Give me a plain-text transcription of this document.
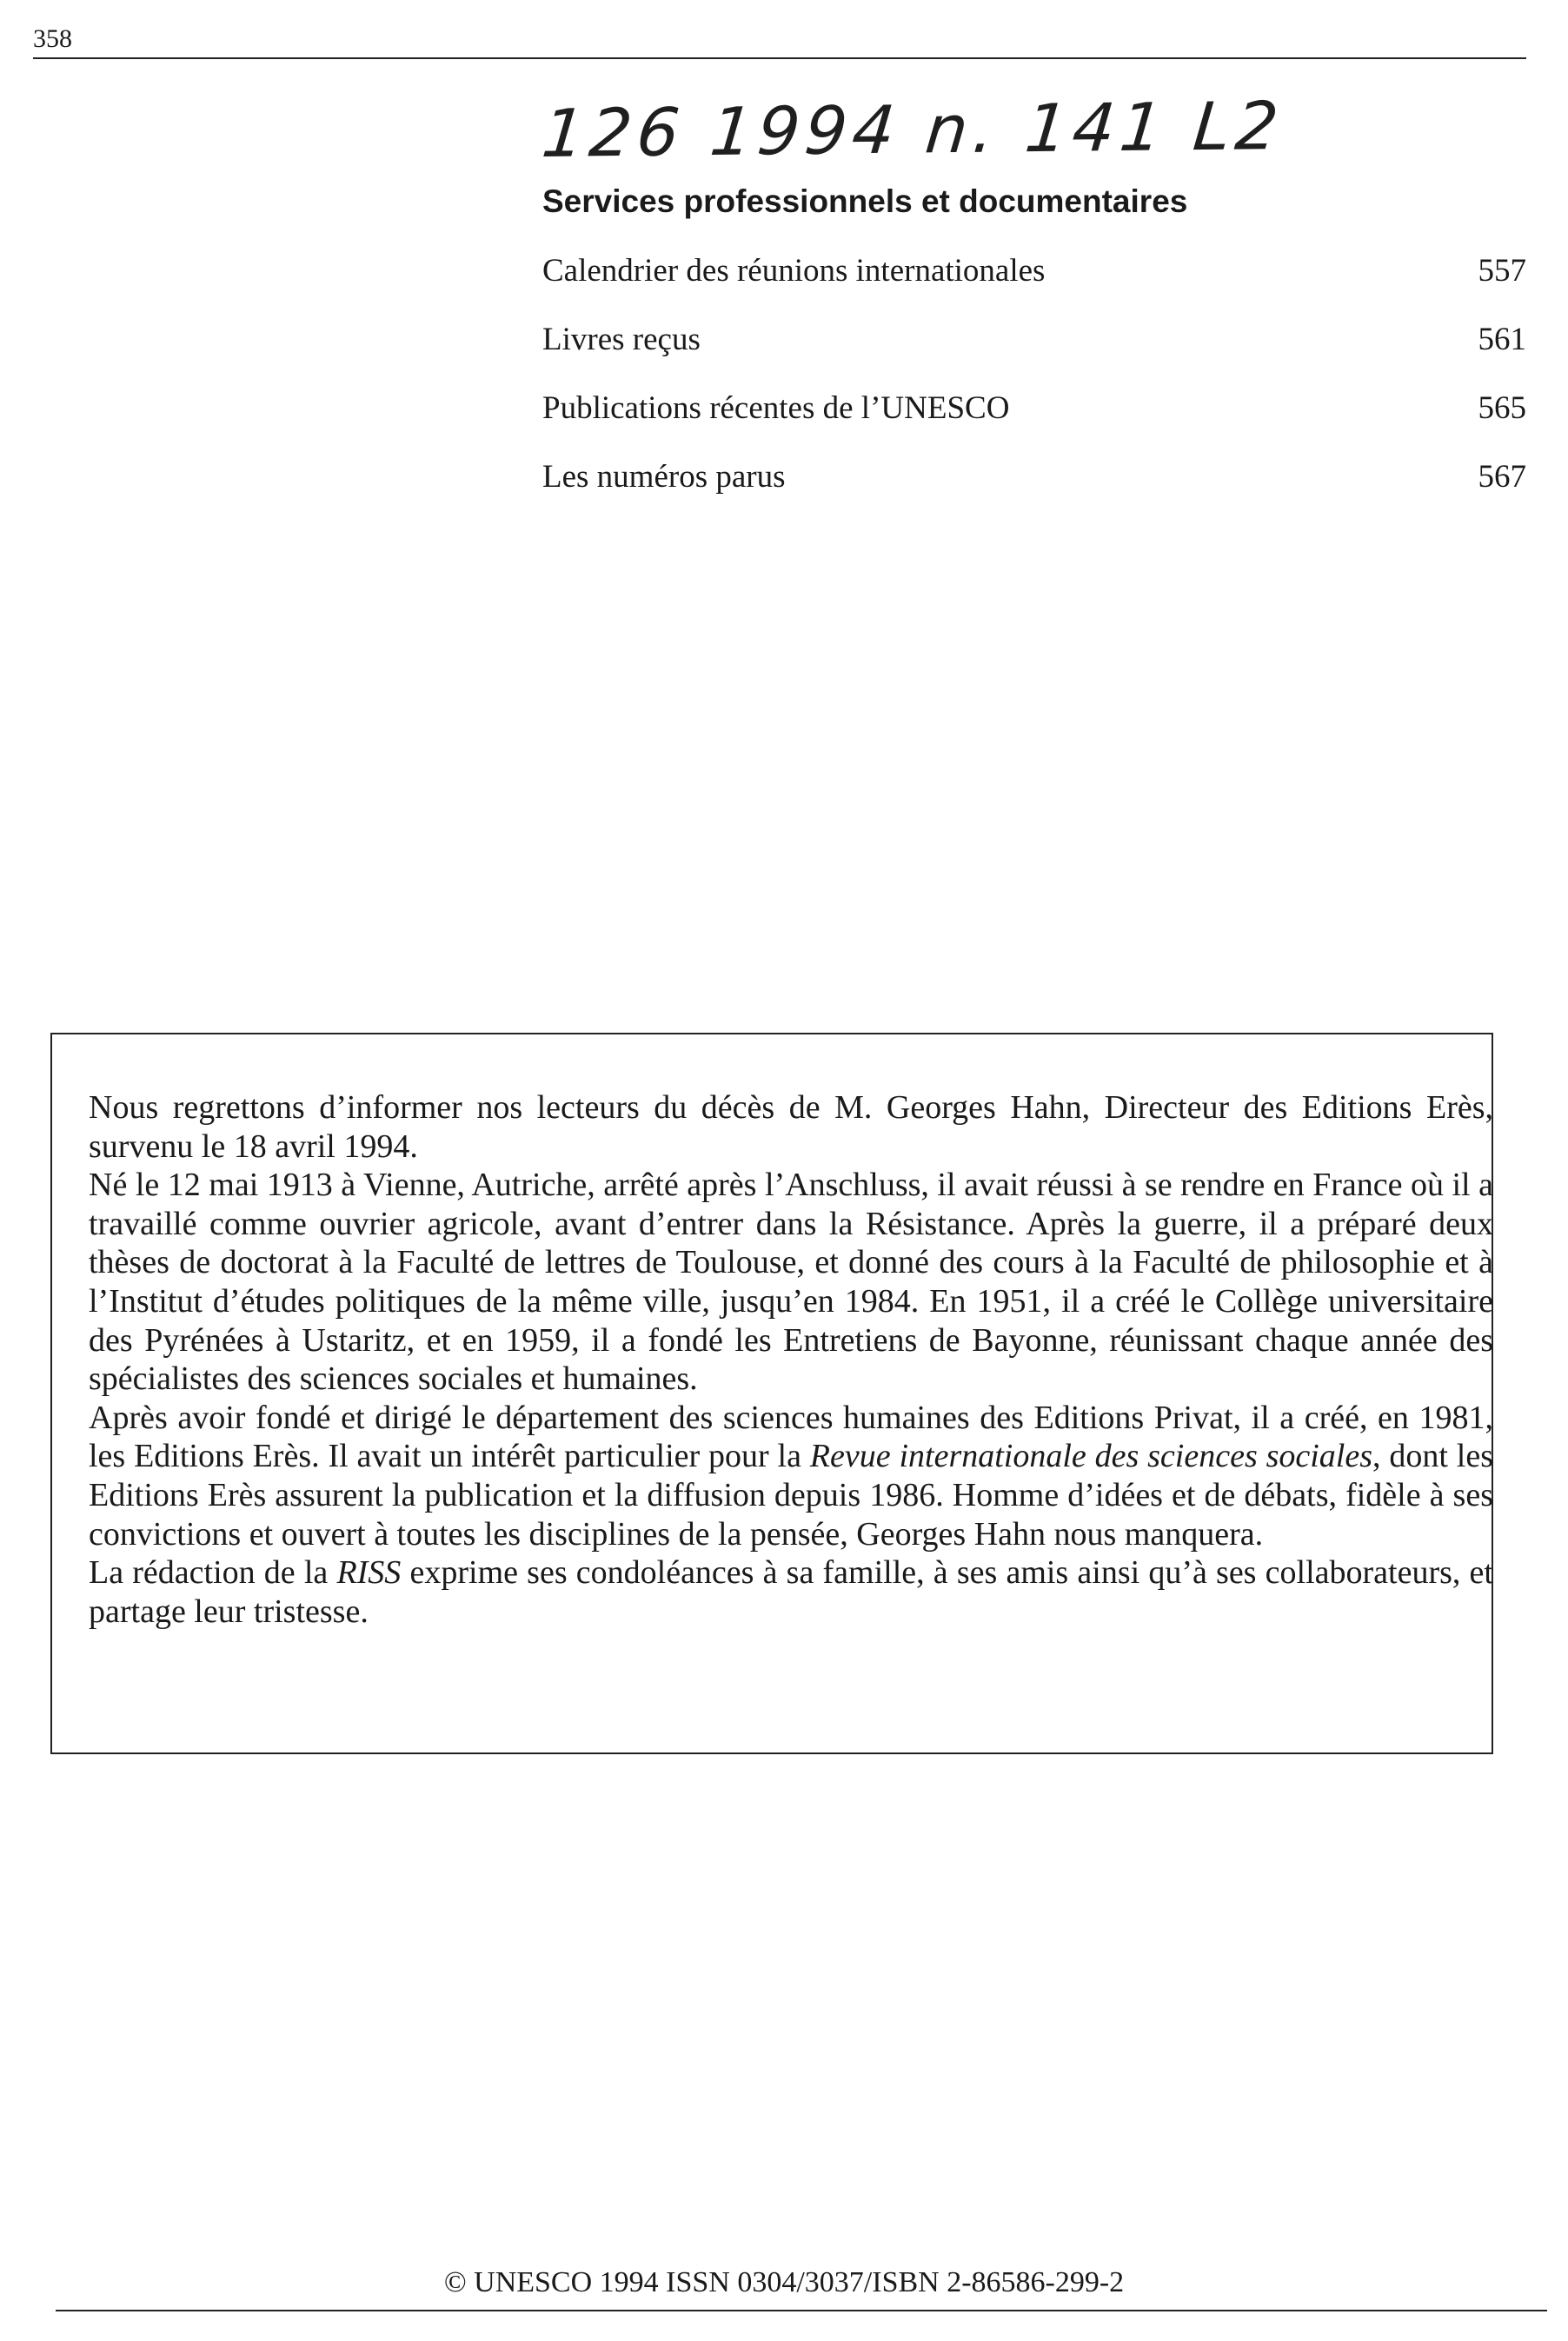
358
126 1994 n. 141 L2
Services professionnels et documentaires
Calendrier des réunions internationales	557
Livres reçus	561
Publications récentes de l’UNESCO	565
Les numéros parus	567

Nous regrettons d’informer nos lecteurs du décès de M. Georges Hahn, Directeur des Editions Erès, survenu le 18 avril 1994.

Né le 12 mai 1913 à Vienne, Autriche, arrêté après l’Anschluss, il avait réussi à se rendre en France où il a travaillé comme ouvrier agricole, avant d’entrer dans la Résistance. Après la guerre, il a préparé deux thèses de doctorat à la Faculté de lettres de Toulouse, et donné des cours à la Faculté de philosophie et à l’Institut d’études politiques de la même ville, jusqu’en 1984. En 1951, il a créé le Collège universitaire des Pyrénées à Ustaritz, et en 1959, il a fondé les Entretiens de Bayonne, réunissant chaque année des spécialistes des sciences sociales et humaines.

Après avoir fondé et dirigé le département des sciences humaines des Editions Privat, il a créé, en 1981, les Editions Erès. Il avait un intérêt particulier pour la Revue internationale des sciences sociales, dont les Editions Erès assurent la publication et la diffusion depuis 1986. Homme d’idées et de débats, fidèle à ses convictions et ouvert à toutes les disciplines de la pensée, Georges Hahn nous manquera.

La rédaction de la RISS exprime ses condoléances à sa famille, à ses amis ainsi qu’à ses collaborateurs, et partage leur tristesse.

© UNESCO 1994 ISSN 0304/3037/ISBN 2-86586-299-2
